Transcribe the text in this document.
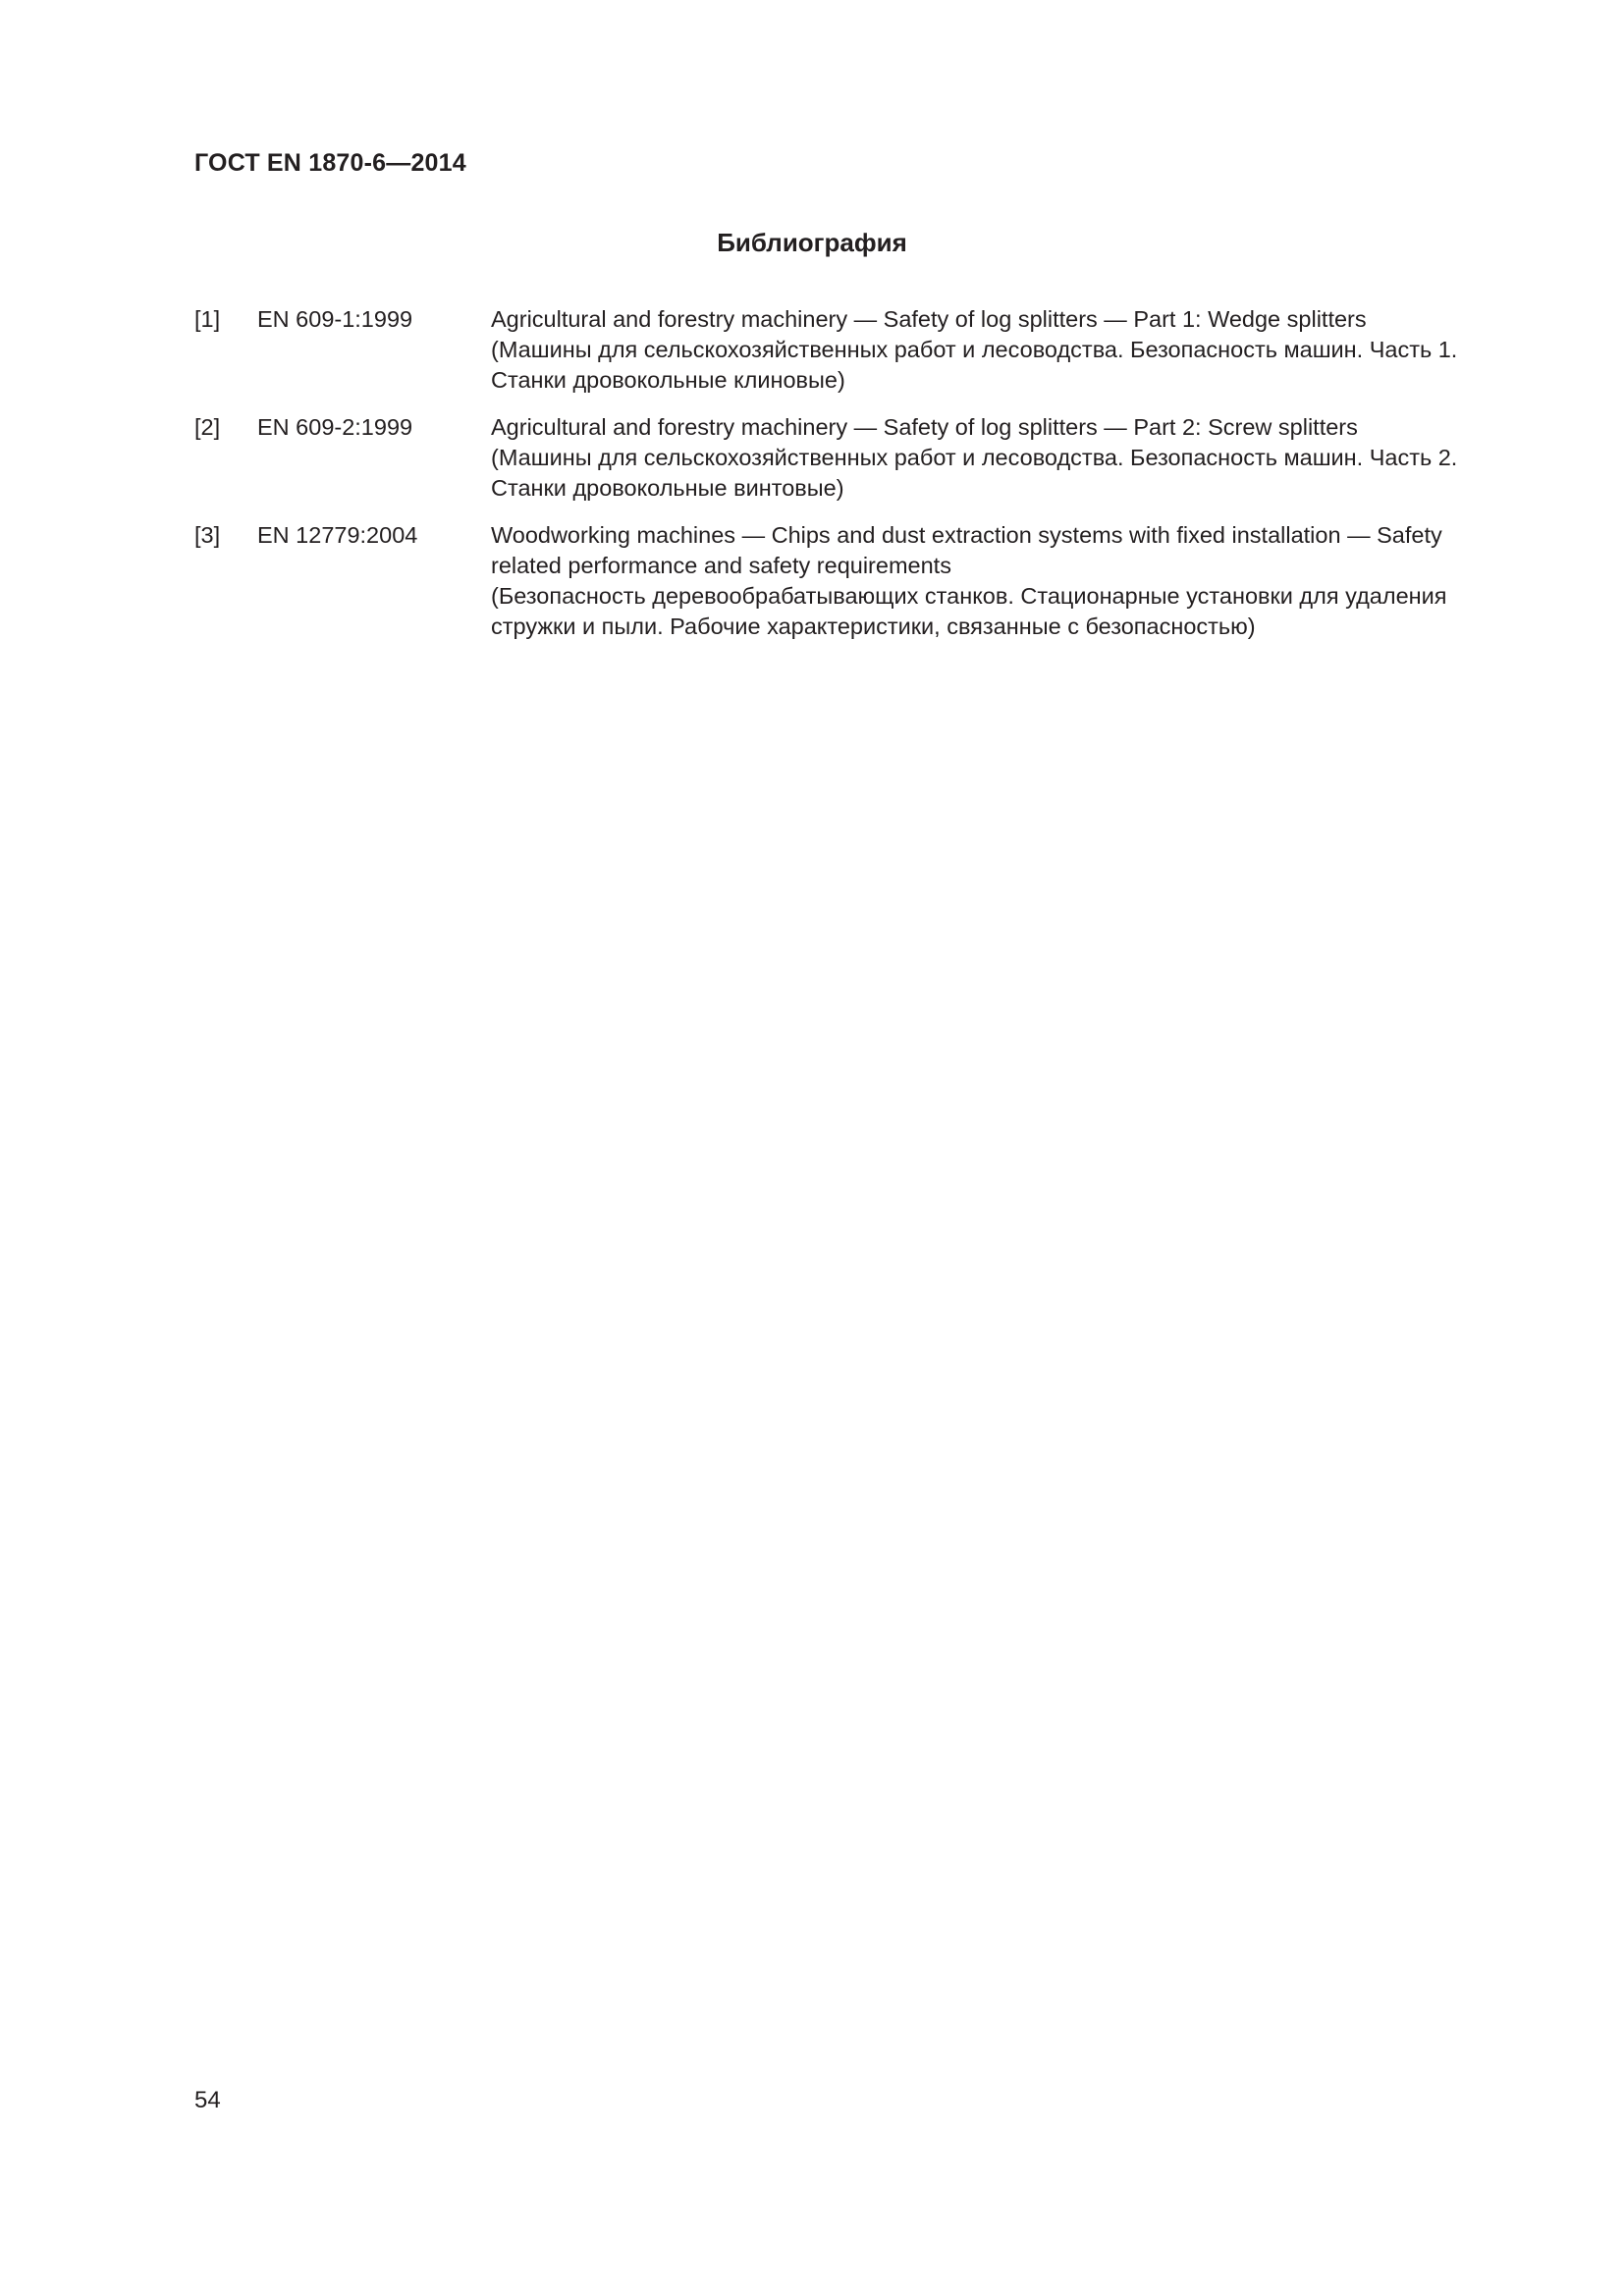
ГОСТ EN 1870-6—2014
Библиография
[1] EN 609-1:1999	Agricultural and forestry machinery — Safety of log splitters — Part 1: Wedge splitters
(Машины для сельскохозяйственных работ и лесоводства. Безопасность машин. Часть 1.
Станки дровокольные клиновые)
[2] EN 609-2:1999	Agricultural and forestry machinery — Safety of log splitters — Part 2: Screw splitters
(Машины для сельскохозяйственных работ и лесоводства. Безопасность машин. Часть 2.
Станки дровокольные винтовые)
[3] EN 12779:2004	Woodworking machines — Chips and dust extraction systems with fixed installation — Safety
related performance and safety requirements
(Безопасность деревообрабатывающих станков. Стационарные установки для удаления
стружки и пыли. Рабочие характеристики, связанные с безопасностью)
54
